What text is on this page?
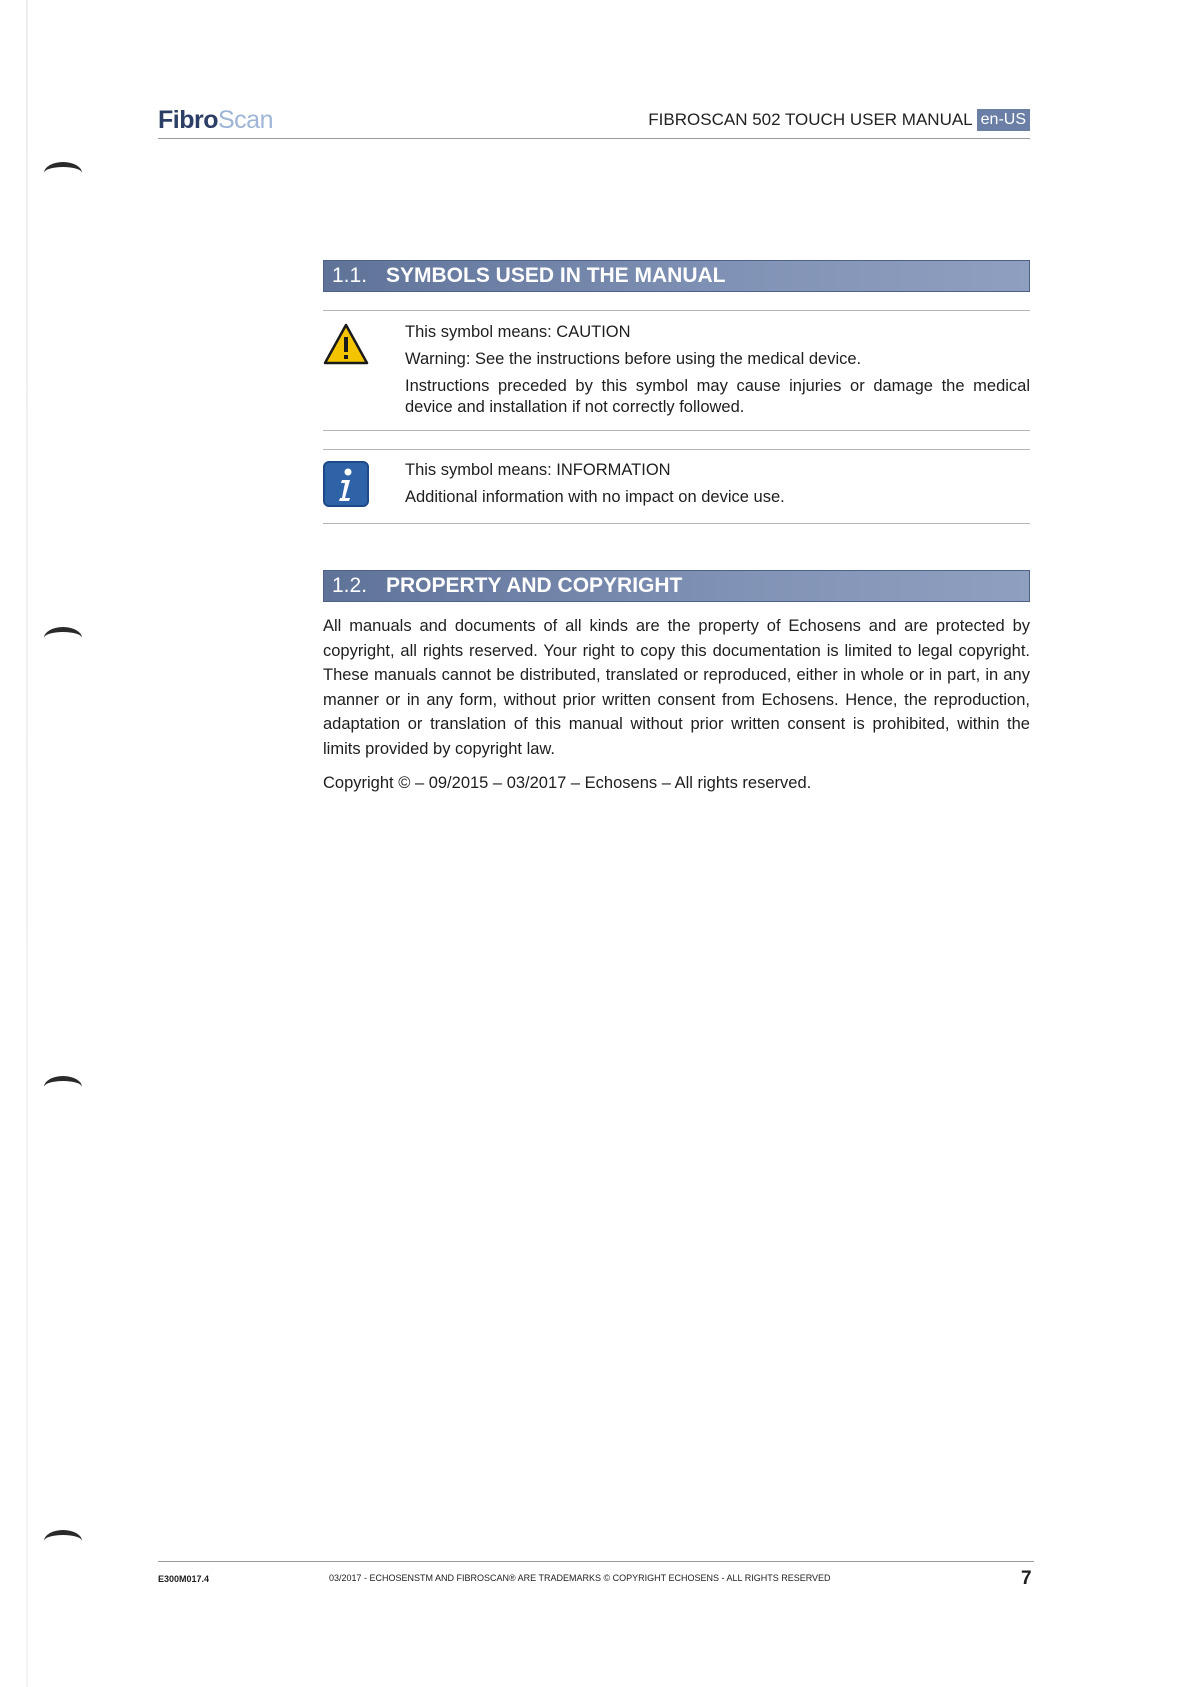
FibroScan	FIBROSCAN 502 TOUCH USER MANUAL en-US
1.1. SYMBOLS USED IN THE MANUAL

This symbol means: CAUTION

Warning: See the instructions before using the medical device.

Instructions preceded by this symbol may cause injuries or damage the medical device and installation if not correctly followed.

This symbol means: INFORMATION

Additional information with no impact on device use.

1.2. PROPERTY AND COPYRIGHT

All manuals and documents of all kinds are the property of Echosens and are protected by copyright, all rights reserved. Your right to copy this documentation is limited to legal copyright. These manuals cannot be distributed, translated or reproduced, either in whole or in part, in any manner or in any form, without prior written consent from Echosens. Hence, the reproduction, adaptation or translation of this manual without prior written consent is prohibited, within the limits provided by copyright law.

Copyright © – 09/2015 – 03/2017 – Echosens – All rights reserved.

E300M017.4	03/2017 - ECHOSENSTM AND FIBROSCAN® ARE TRADEMARKS © COPYRIGHT ECHOSENS - ALL RIGHTS RESERVED	7
